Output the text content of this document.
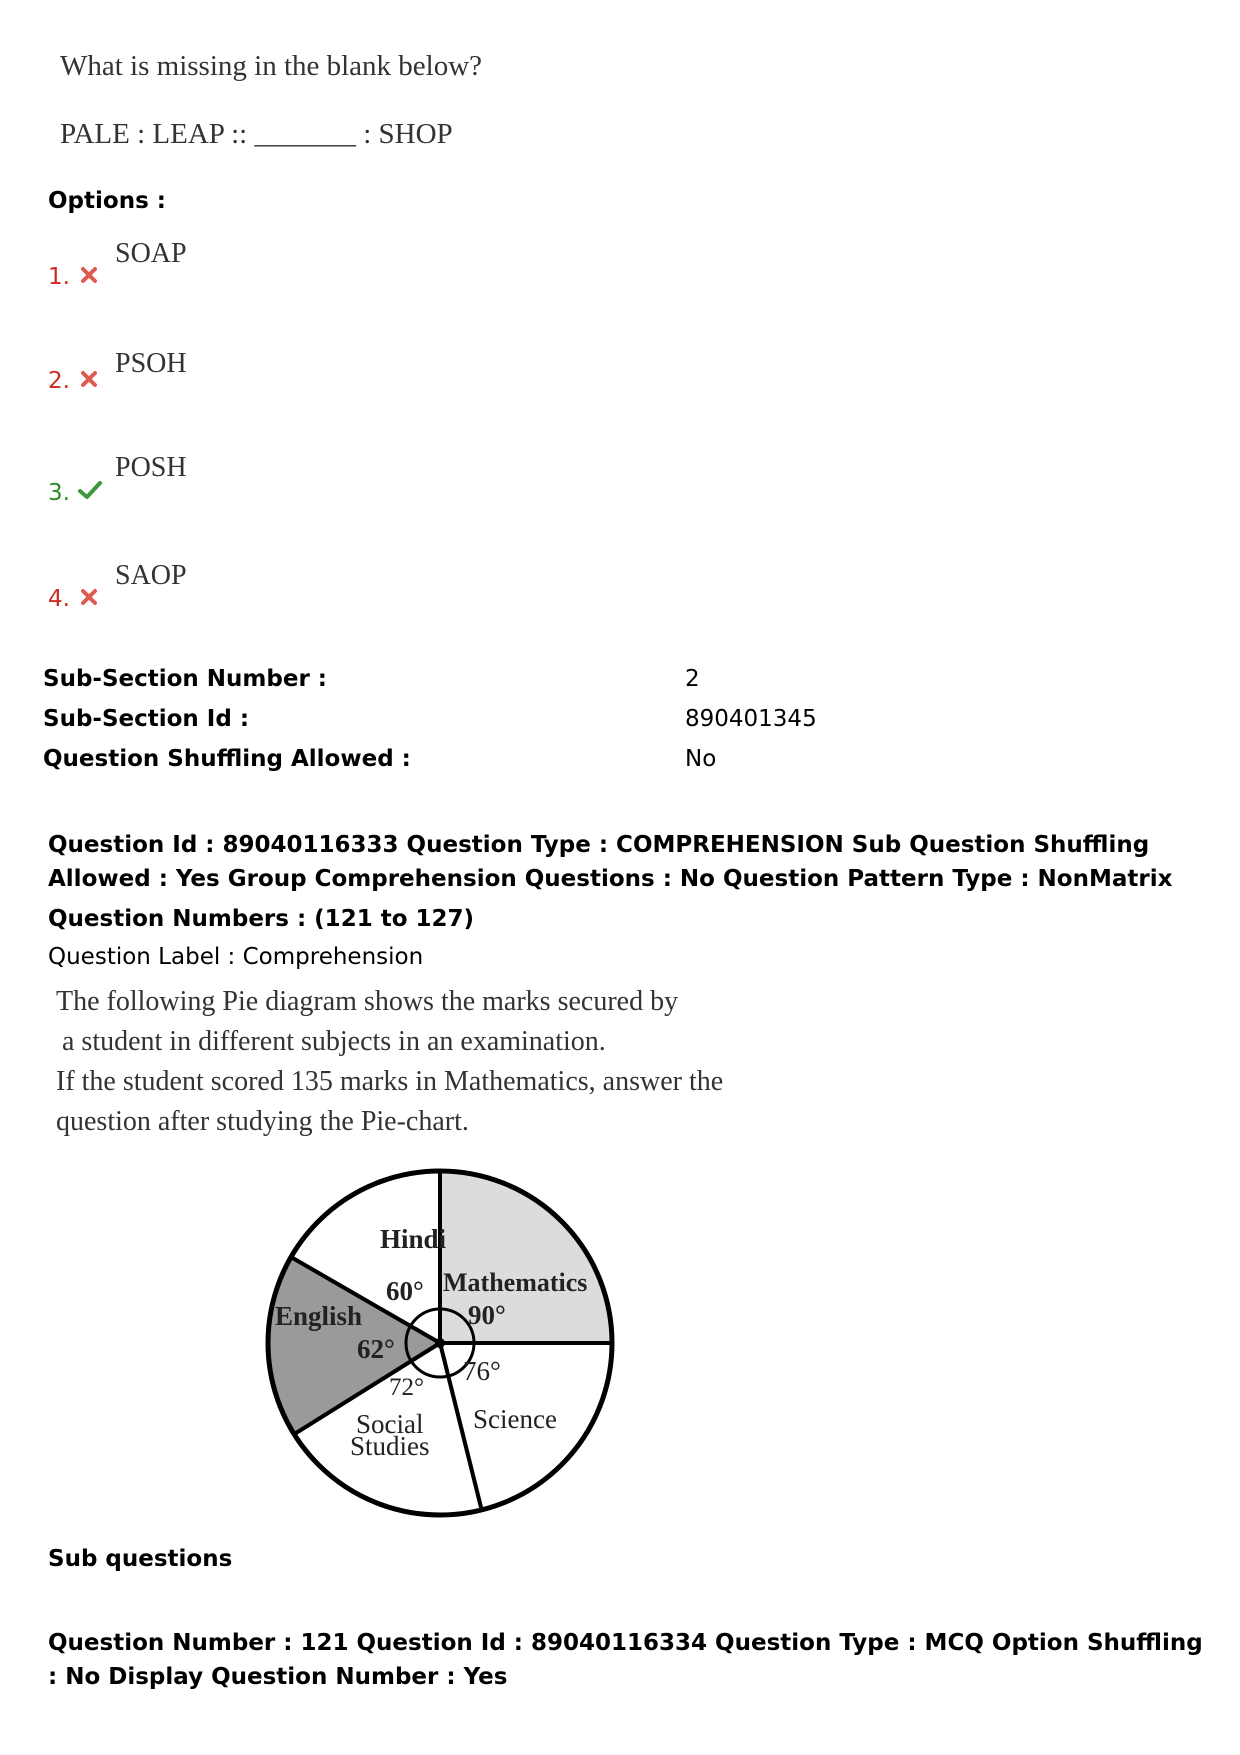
What is missing in the blank below?
PALE : LEAP :: _______ : SHOP
Options :
1.
SOAP
2.
PSOH
3.
POSH
4.
SAOP
Sub-Section Number :	2
Sub-Section Id :	890401345
Question Shuffling Allowed :	No
Question Id : 89040116333 Question Type : COMPREHENSION Sub Question Shuffling Allowed : Yes Group Comprehension Questions : No Question Pattern Type : NonMatrix
Question Numbers : (121 to 127)
Question Label : Comprehension
The following Pie diagram shows the marks secured by
a student in different subjects in an examination.
If the student scored 135 marks in Mathematics, answer the
question after studying the Pie-chart.
Hindi
60° Mathematics
90°
English
62°
76°
Science
72°
Social
Studies
Sub questions
Question Number : 121 Question Id : 89040116334 Question Type : MCQ Option Shuffling : No Display Question Number : Yes
